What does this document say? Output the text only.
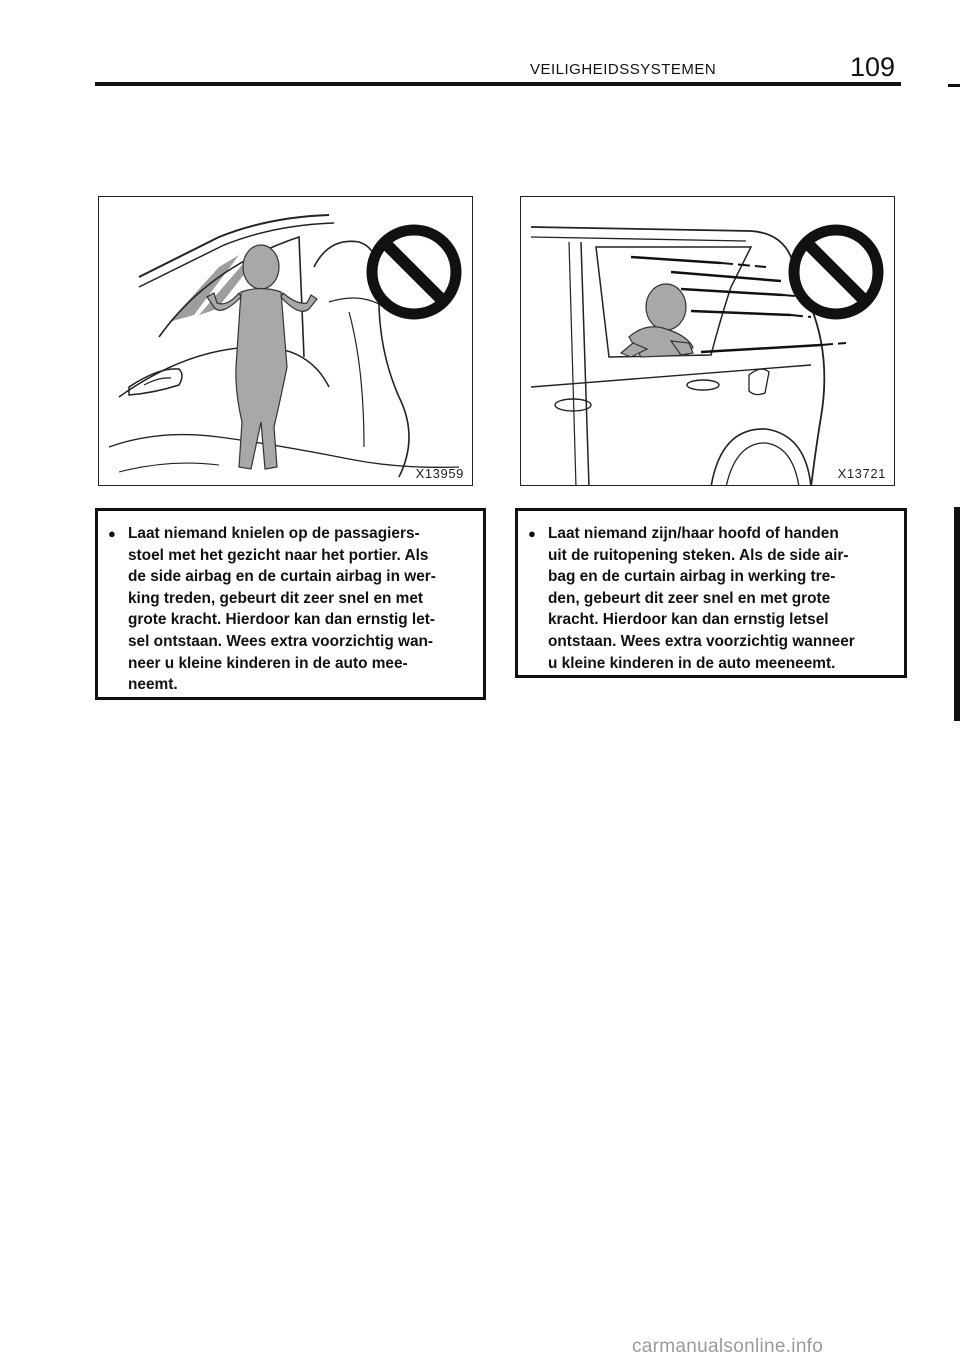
VEILIGHEIDSSYSTEMEN	109
X13959	X13721
● Laat niemand knielen op de passagiers-
stoel met het gezicht naar het portier. Als
de side airbag en de curtain airbag in wer-
king treden, gebeurt dit zeer snel en met
grote kracht. Hierdoor kan dan ernstig let-
sel ontstaan. Wees extra voorzichtig wan-
neer u kleine kinderen in de auto mee-
neemt.
● Laat niemand zijn/haar hoofd of handen
uit de ruitopening steken. Als de side air-
bag en de curtain airbag in werking tre-
den, gebeurt dit zeer snel en met grote
kracht. Hierdoor kan dan ernstig letsel
ontstaan. Wees extra voorzichtig wanneer
u kleine kinderen in de auto meeneemt.
carmanualsonline.info
